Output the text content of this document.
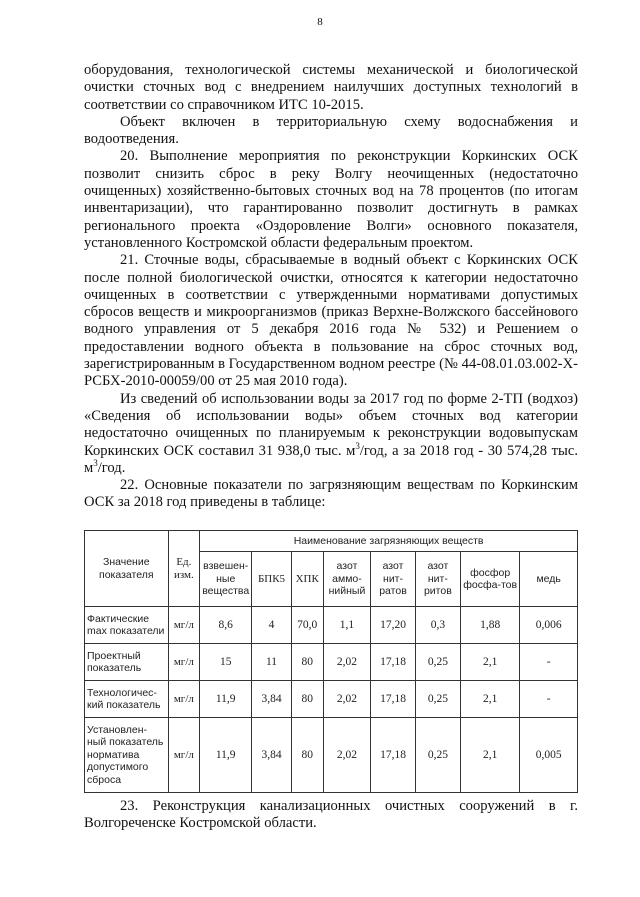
8

оборудования, технологической системы механической и биологической очистки сточных вод с внедрением наилучших доступных технологий в соответствии со справочником ИТС 10-2015.

Объект включен в территориальную схему водоснабжения и водоотведения.

20. Выполнение мероприятия по реконструкции Коркинских ОСК позволит снизить сброс в реку Волгу неочищенных (недостаточно очищенных) хозяйственно-бытовых сточных вод на 78 процентов (по итогам инвентаризации), что гарантированно позволит достигнуть в рамках регионального проекта «Оздоровление Волги» основного показателя, установленного Костромской области федеральным проектом.

21. Сточные воды, сбрасываемые в водный объект с Коркинских ОСК после полной биологической очистки, относятся к категории недостаточно очищенных в соответствии с утвержденными нормативами допустимых сбросов веществ и микроорганизмов (приказ Верхне-Волжского бассейнового водного управления от 5 декабря 2016 года № 532) и Решением о предоставлении водного объекта в пользование на сброс сточных вод, зарегистрированным в Государственном водном реестре (№ 44-08.01.03.002-Х-РСБХ-2010-00059/00 от 25 мая 2010 года).

Из сведений об использовании воды за 2017 год по форме 2-ТП (водхоз) «Сведения об использовании воды» объем сточных вод категории недостаточно очищенных по планируемым к реконструкции водовыпускам Коркинских ОСК составил 31 938,0 тыс. $м^3$/год, а за 2018 год - 30 574,28 тыс. $м^3$/год.

22. Основные показатели по загрязняющим веществам по Коркинским ОСК за 2018 год приведены в таблице:

Значение показателя	Ед. изм.	Наименование загрязняющих веществ							
		взвешен-ные вещества	БПК5	ХПК	азот аммо-нийный	азот нит-ратов	азот нит-ритов	фосфор фосфа-тов	медь
Фактические max показатели	мг/л	8,6	4	70,0	1,1	17,20	0,3	1,88	0,006
Проектный показатель	мг/л	15	11	80	2,02	17,18	0,25	2,1	-
Технологичес-кий показатель	мг/л	11,9	3,84	80	2,02	17,18	0,25	2,1	-
Установлен-ный показатель норматива допустимого сброса	мг/л	11,9	3,84	80	2,02	17,18	0,25	2,1	0,005

23. Реконструкция канализационных очистных сооружений в г. Волгореченске Костромской области.
